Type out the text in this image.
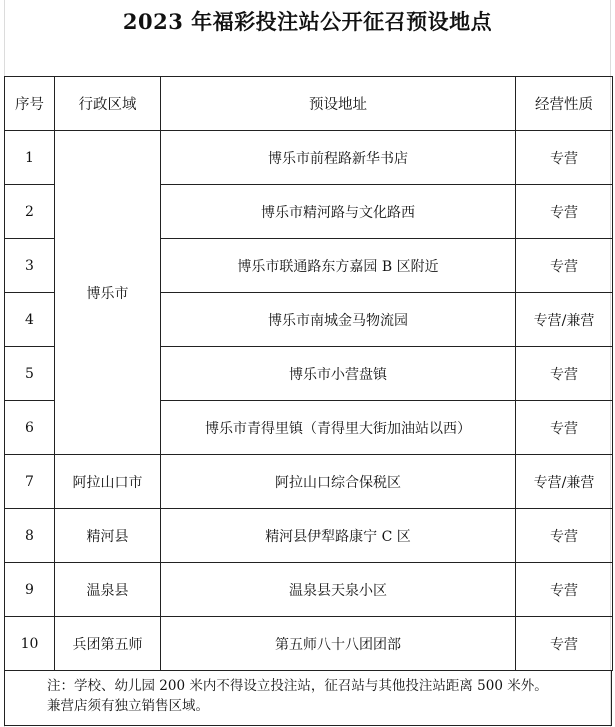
2023 年福彩投注站公开征召预设地点
序号	行政区域	预设地址	经营性质
1	博乐市	博乐市前程路新华书店	专营
2		博乐市精河路与文化路西	专营
3		博乐市联通路东方嘉园 B 区附近	专营
4		博乐市南城金马物流园	专营/兼营
5		博乐市小营盘镇	专营
6		博乐市青得里镇（青得里大街加油站以西）	专营
7	阿拉山口市	阿拉山口综合保税区	专营/兼营
8	精河县	精河县伊犁路康宁 C 区	专营
9	温泉县	温泉县天泉小区	专营
10	兵团第五师	第五师八十八团团部	专营
注：学校、幼儿园 200 米内不得设立投注站，征召站与其他投注站距离 500 米外。
兼营店须有独立销售区域。
